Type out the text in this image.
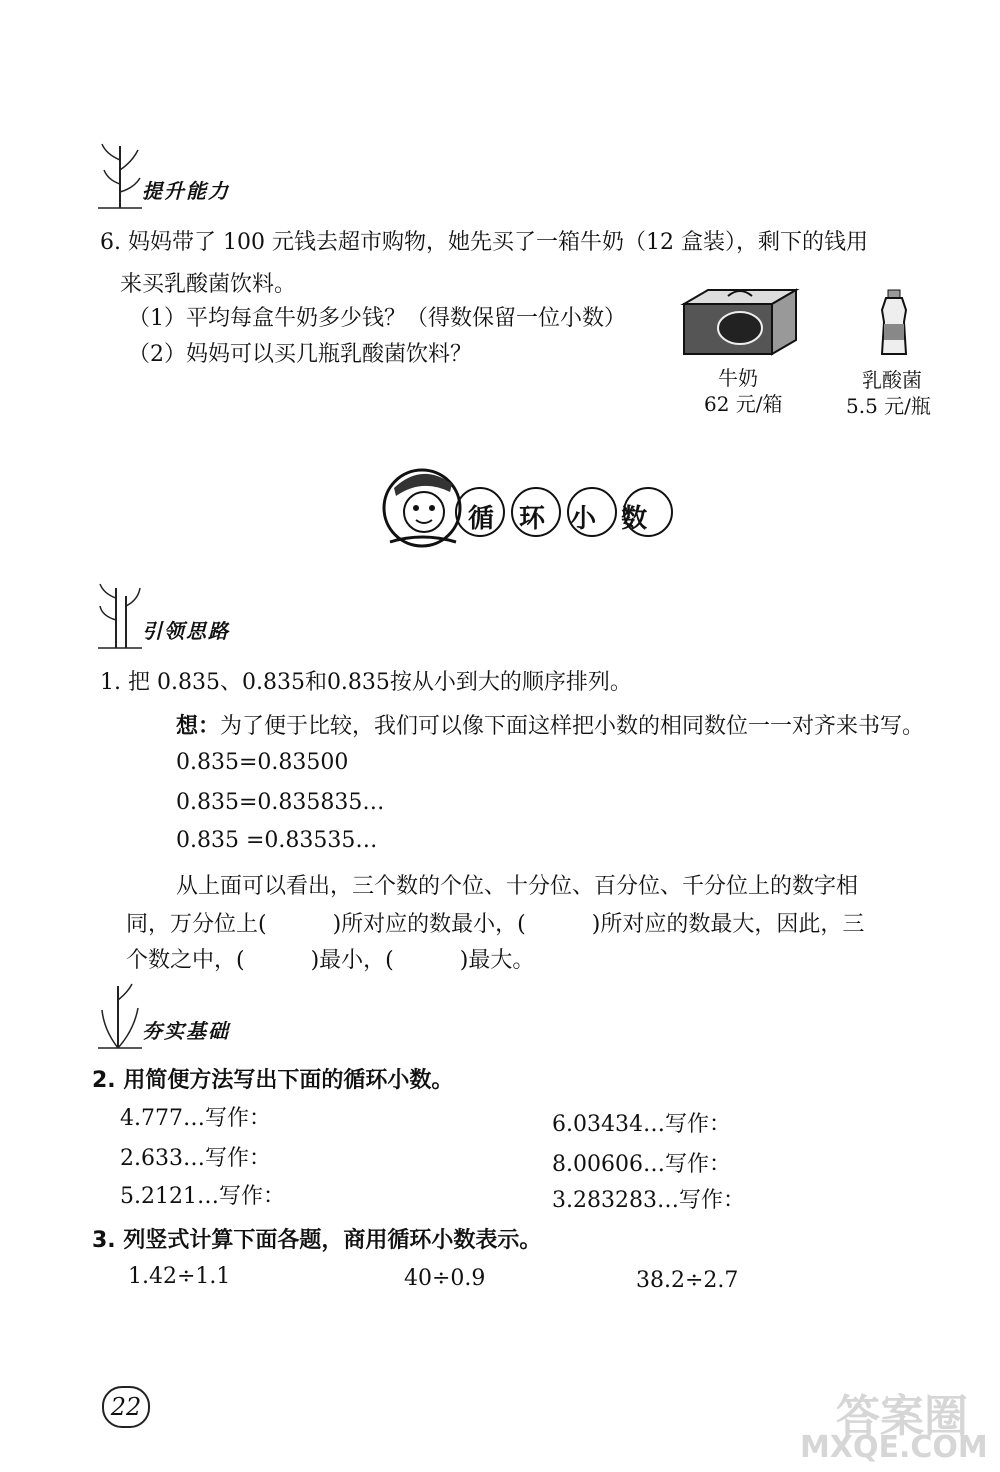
提升能力
6. 妈妈带了 100 元钱去超市购物，她先买了一箱牛奶（12 盒装），剩下的钱用
来买乳酸菌饮料。
（1）平均每盒牛奶多少钱？（得数保留一位小数）
（2）妈妈可以买几瓶乳酸菌饮料？
牛奶
62 元/箱
乳酸菌
5.5 元/瓶
循 环 小 数
引领思路
1. 把 0.835、0.835和0.835按从小到大的顺序排列。
想：为了便于比较，我们可以像下面这样把小数的相同数位一一对齐来书写。
0.835=0.83500
0.835=0.835835…
0.835 =0.83535…
从上面可以看出，三个数的个位、十分位、百分位、千分位上的数字相
同，万分位上(　　　)所对应的数最小，(　　　)所对应的数最大，因此，三
个数之中，(　　　)最小，(　　　)最大。
夯实基础
2. 用简便方法写出下面的循环小数。
4.777…写作：	6.03434…写作：
2.633…写作：	8.00606…写作：
5.2121…写作：	3.283283…写作：
3. 列竖式计算下面各题，商用循环小数表示。
1.42÷1.1	40÷0.9	38.2÷2.7
22	答案圈
MXQE.COM
